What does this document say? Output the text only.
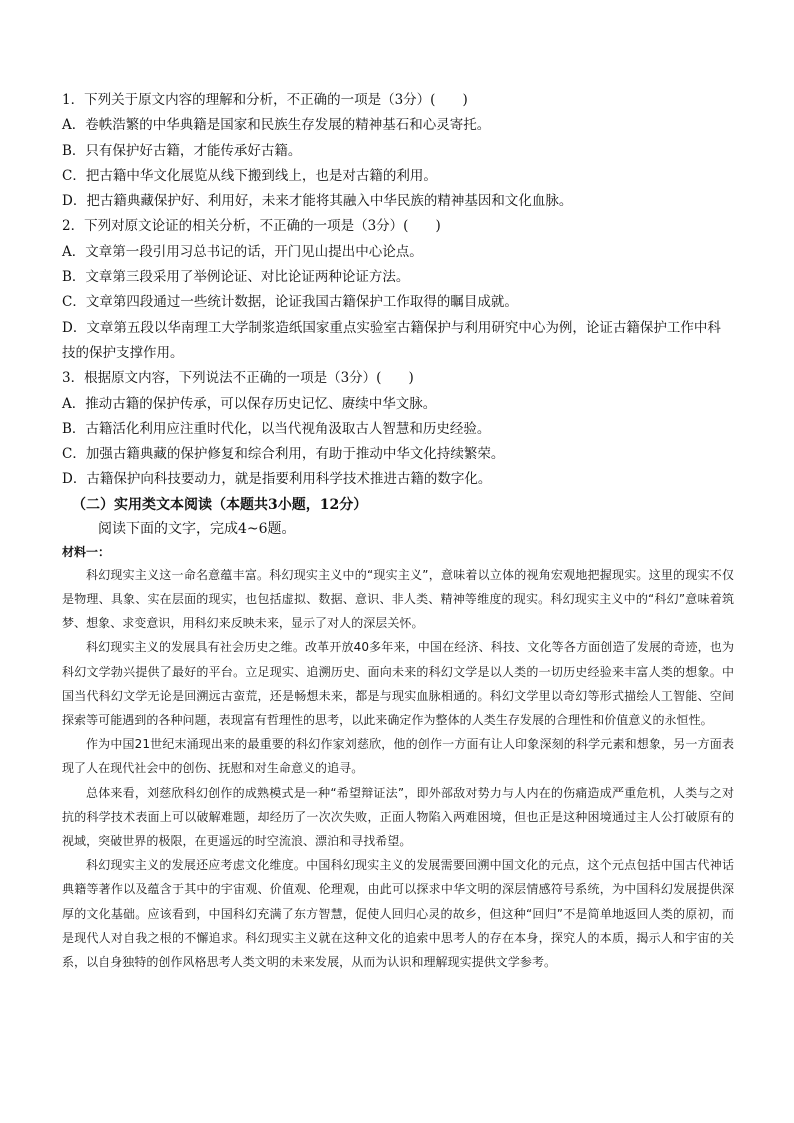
1．下列关于原文内容的理解和分析，不正确的一项是（3分）(　　)
A．卷帙浩繁的中华典籍是国家和民族生存发展的精神基石和心灵寄托。
B．只有保护好古籍，才能传承好古籍。
C．把古籍中华文化展览从线下搬到线上，也是对古籍的利用。
D．把古籍典藏保护好、利用好，未来才能将其融入中华民族的精神基因和文化血脉。
2．下列对原文论证的相关分析，不正确的一项是（3分）(　　)
A．文章第一段引用习总书记的话，开门见山提出中心论点。
B．文章第三段采用了举例论证、对比论证两种论证方法。
C．文章第四段通过一些统计数据，论证我国古籍保护工作取得的瞩目成就。
D．文章第五段以华南理工大学制浆造纸国家重点实验室古籍保护与利用研究中心为例，论证古籍保护工作中科技的保护支撑作用。
3．根据原文内容，下列说法不正确的一项是（3分）(　　)
A．推动古籍的保护传承，可以保存历史记忆、赓续中华文脉。
B．古籍活化利用应注重时代化，以当代视角汲取古人智慧和历史经验。
C．加强古籍典藏的保护修复和综合利用，有助于推动中华文化持续繁荣。
D．古籍保护向科技要动力，就是指要利用科学技术推进古籍的数字化。
（二）实用类文本阅读（本题共3小题，12分）
阅读下面的文字，完成4~6题。
材料一：

科幻现实主义这一命名意蕴丰富。科幻现实主义中的“现实主义”，意味着以立体的视角宏观地把握现实。这里的现实不仅是物理、具象、实在层面的现实，也包括虚拟、数据、意识、非人类、精神等维度的现实。科幻现实主义中的“科幻”意味着筑梦、想象、求变意识，用科幻来反映未来，显示了对人的深层关怀。

科幻现实主义的发展具有社会历史之维。改革开放40多年来，中国在经济、科技、文化等各方面创造了发展的奇迹，也为科幻文学勃兴提供了最好的平台。立足现实、追溯历史、面向未来的科幻文学是以人类的一切历史经验来丰富人类的想象。中国当代科幻文学无论是回溯远古蛮荒，还是畅想未来，都是与现实血脉相通的。科幻文学里以奇幻等形式描绘人工智能、空间探索等可能遇到的各种问题，表现富有哲理性的思考，以此来确定作为整体的人类生存发展的合理性和价值意义的永恒性。

作为中国21世纪末涌现出来的最重要的科幻作家刘慈欣，他的创作一方面有让人印象深刻的科学元素和想象，另一方面表现了人在现代社会中的创伤、抚慰和对生命意义的追寻。

总体来看，刘慈欣科幻创作的成熟模式是一种“希望辩证法”，即外部敌对势力与人内在的伤痛造成严重危机，人类与之对抗的科学技术表面上可以破解难题，却经历了一次次失败，正面人物陷入两难困境，但也正是这种困境通过主人公打破原有的视域，突破世界的极限，在更遥远的时空流浪、漂泊和寻找希望。

科幻现实主义的发展还应考虑文化维度。中国科幻现实主义的发展需要回溯中国文化的元点，这个元点包括中国古代神话典籍等著作以及蕴含于其中的宇宙观、价值观、伦理观，由此可以探求中华文明的深层情感符号系统，为中国科幻发展提供深厚的文化基础。应该看到，中国科幻充满了东方智慧，促使人回归心灵的故乡，但这种“回归”不是简单地返回人类的原初，而是现代人对自我之根的不懈追求。科幻现实主义就在这种文化的追索中思考人的存在本身，探究人的本质，揭示人和宇宙的关系，以自身独特的创作风格思考人类文明的未来发展，从而为认识和理解现实提供文学参考。
